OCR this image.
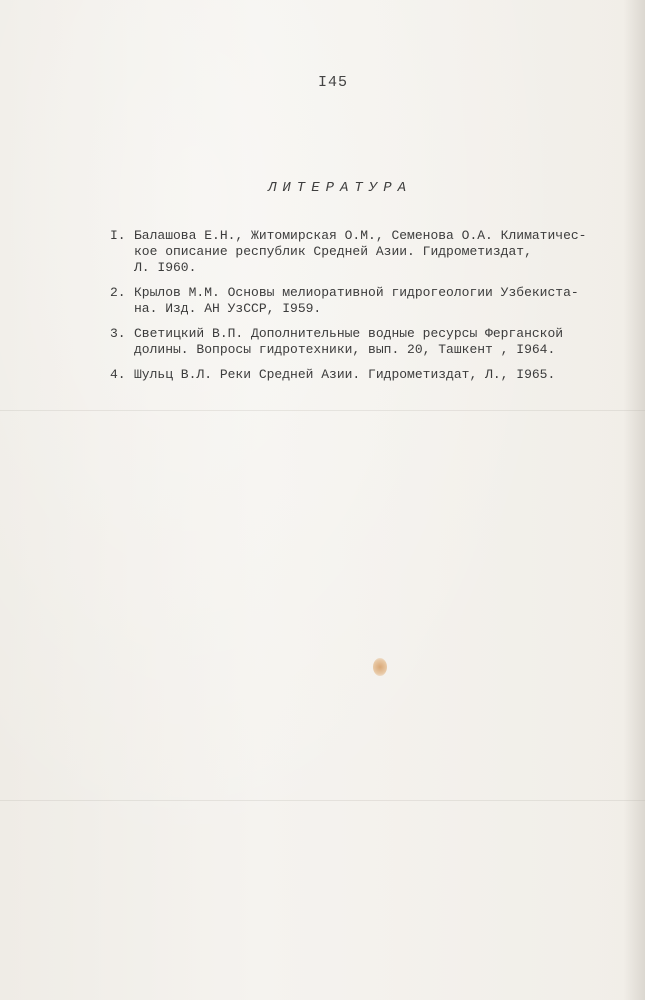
I45
ЛИТЕРАТУРА
I. Балашова Е.Н., Житомирская О.М., Семенова О.А. Климатичес-
кое описание республик Средней Азии. Гидрометиздат,
Л. I960.
2. Крылов М.М. Основы мелиоративной гидрогеологии Узбекиста-
на. Изд. АН УзССР, I959.
3. Светицкий В.П. Дополнительные водные ресурсы Ферганской
долины. Вопросы гидротехники, вып. 20, Ташкент , I964.
4. Шульц В.Л. Реки Средней Азии. Гидрометиздат, Л., I965.
